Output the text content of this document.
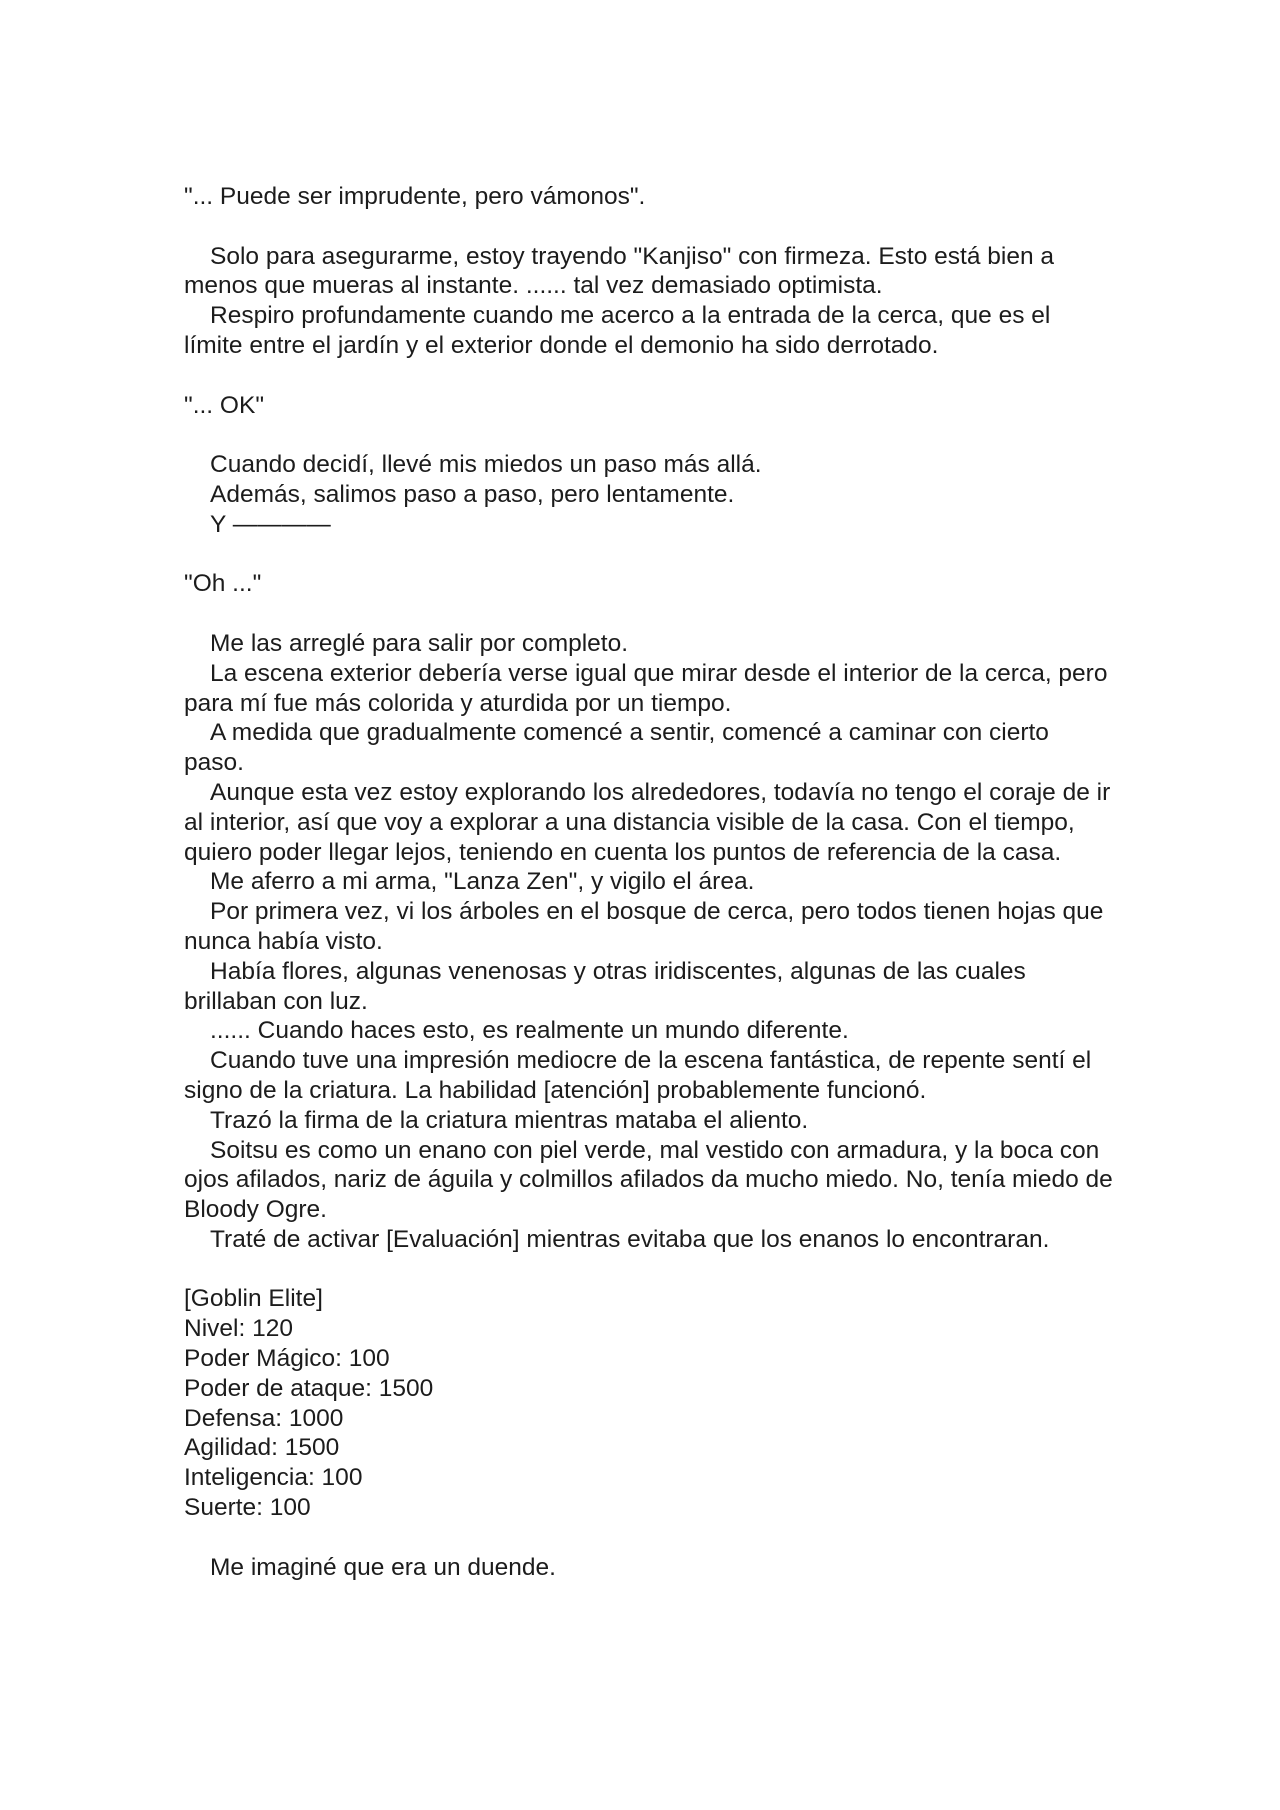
"... Puede ser imprudente, pero vámonos".

Solo para asegurarme, estoy trayendo "Kanjiso" con firmeza. Esto está bien a menos que mueras al instante. ...... tal vez demasiado optimista.

Respiro profundamente cuando me acerco a la entrada de la cerca, que es el límite entre el jardín y el exterior donde el demonio ha sido derrotado.

"... OK"

Cuando decidí, llevé mis miedos un paso más allá.

Además, salimos paso a paso, pero lentamente.

Y ————

"Oh ..."

Me las arreglé para salir por completo.

La escena exterior debería verse igual que mirar desde el interior de la cerca, pero para mí fue más colorida y aturdida por un tiempo.

A medida que gradualmente comencé a sentir, comencé a caminar con cierto paso.

Aunque esta vez estoy explorando los alrededores, todavía no tengo el coraje de ir al interior, así que voy a explorar a una distancia visible de la casa. Con el tiempo, quiero poder llegar lejos, teniendo en cuenta los puntos de referencia de la casa.

Me aferro a mi arma, "Lanza Zen", y vigilo el área.

Por primera vez, vi los árboles en el bosque de cerca, pero todos tienen hojas que nunca había visto.

Había flores, algunas venenosas y otras iridiscentes, algunas de las cuales brillaban con luz.

...... Cuando haces esto, es realmente un mundo diferente.

Cuando tuve una impresión mediocre de la escena fantástica, de repente sentí el signo de la criatura. La habilidad [atención] probablemente funcionó.

Trazó la firma de la criatura mientras mataba el aliento.

Soitsu es como un enano con piel verde, mal vestido con armadura, y la boca con ojos afilados, nariz de águila y colmillos afilados da mucho miedo. No, tenía miedo de Bloody Ogre.

Traté de activar [Evaluación] mientras evitaba que los enanos lo encontraran.

[Goblin Elite]

Nivel: 120

Poder Mágico: 100

Poder de ataque: 1500

Defensa: 1000

Agilidad: 1500

Inteligencia: 100

Suerte: 100

Me imaginé que era un duende.
